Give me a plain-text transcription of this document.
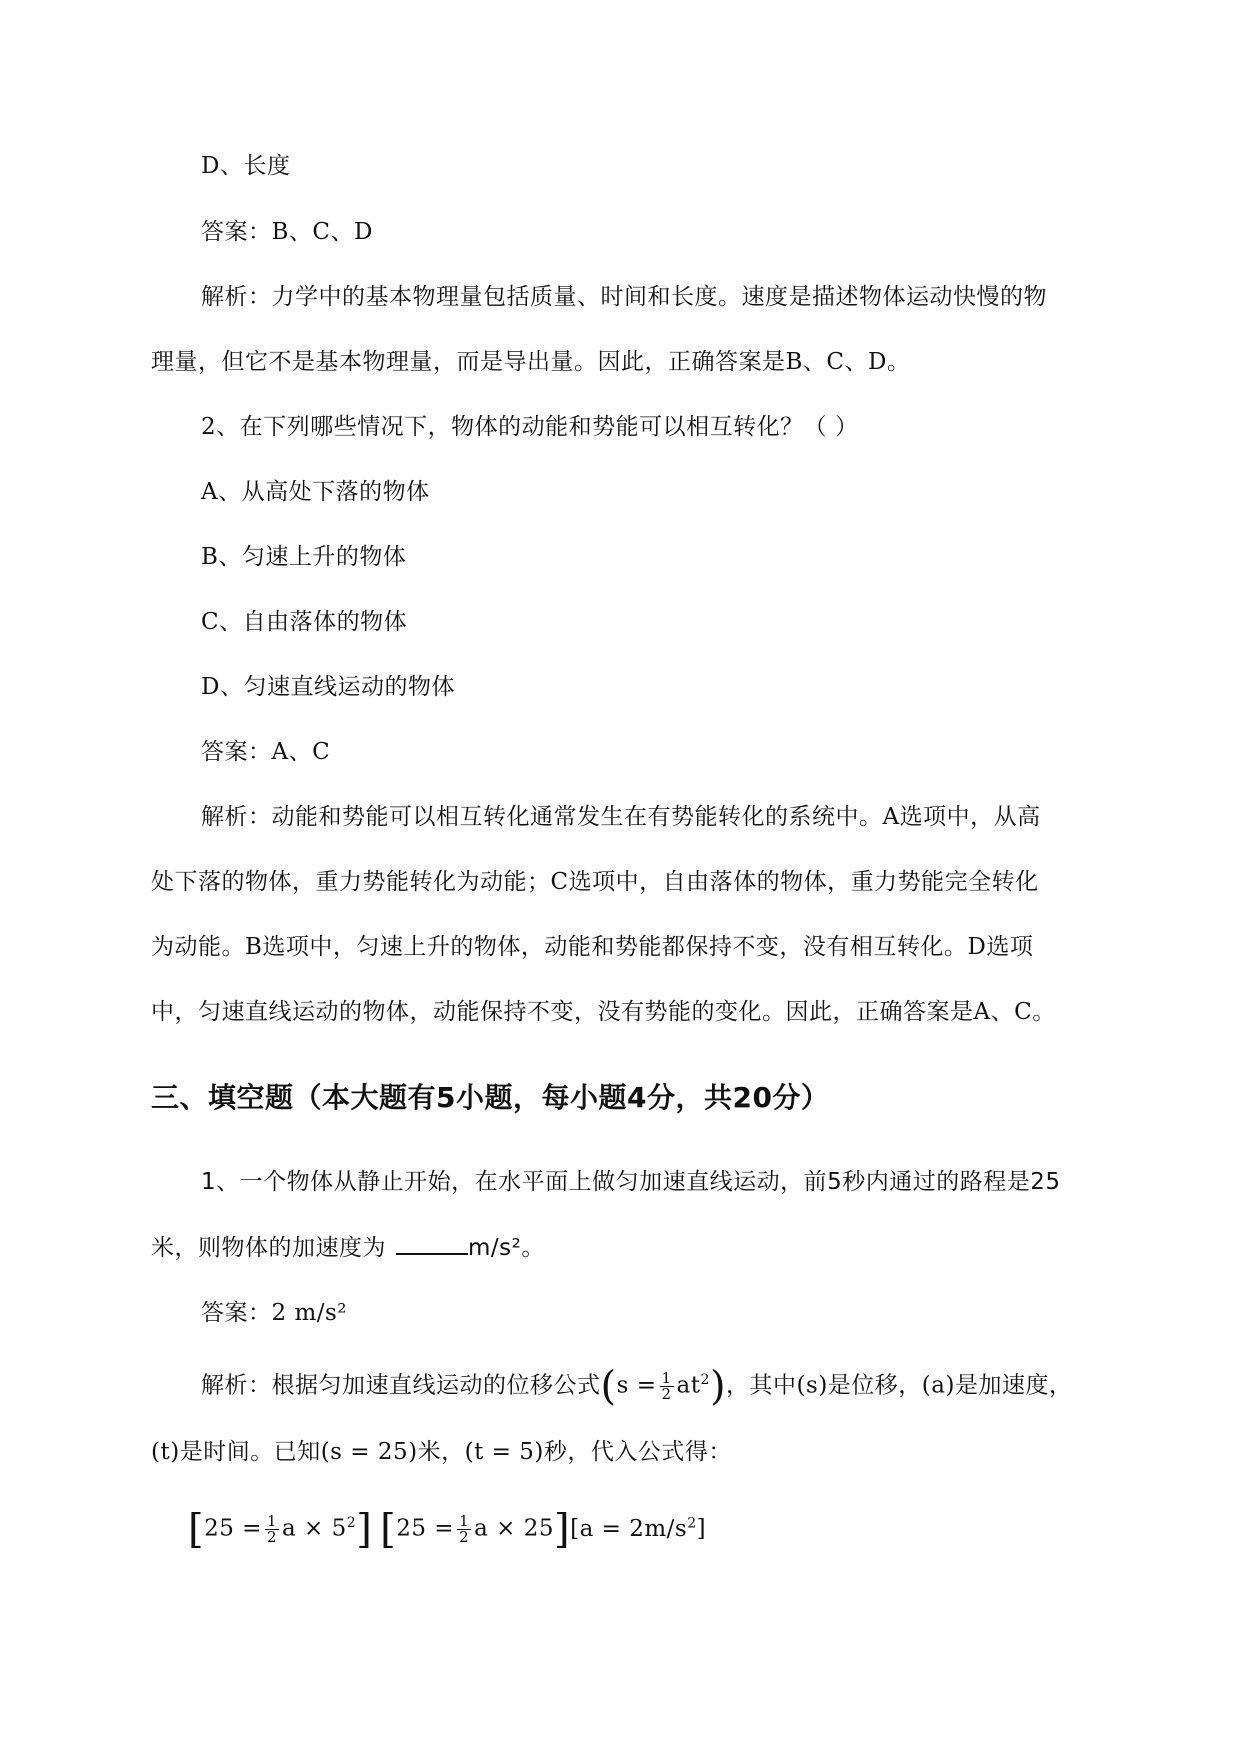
D、长度
答案：B、C、D
解析：力学中的基本物理量包括质量、时间和长度。速度是描述物体运动快慢的物
理量，但它不是基本物理量，而是导出量。因此，正确答案是B、C、D。
2、在下列哪些情况下，物体的动能和势能可以相互转化？（ ）
A、从高处下落的物体
B、匀速上升的物体
C、自由落体的物体
D、匀速直线运动的物体
答案：A、C
解析：动能和势能可以相互转化通常发生在有势能转化的系统中。A选项中，从高
处下落的物体，重力势能转化为动能；C选项中，自由落体的物体，重力势能完全转化
为动能。B选项中，匀速上升的物体，动能和势能都保持不变，没有相互转化。D选项
中，匀速直线运动的物体，动能保持不变，没有势能的变化。因此，正确答案是A、C。
三、填空题（本大题有5小题，每小题4分，共20分）
1、一个物体从静止开始，在水平面上做匀加速直线运动，前5秒内通过的路程是25
米，则物体的加速度为	m/s²。
答案：2 m/s²
解析：根据匀加速直线运动的位移公式$(s = \frac{1}{2} at^2)$，其中(s)是位移，(a)是加速度，
(t)是时间。已知(s = 25)米，(t = 5)秒，代入公式得：
[$25 = \frac{1}{2}$ $a \times 5^2$] [$25 = \frac{1}{2}$ $a \times 25][a = 2m/s^2]$
